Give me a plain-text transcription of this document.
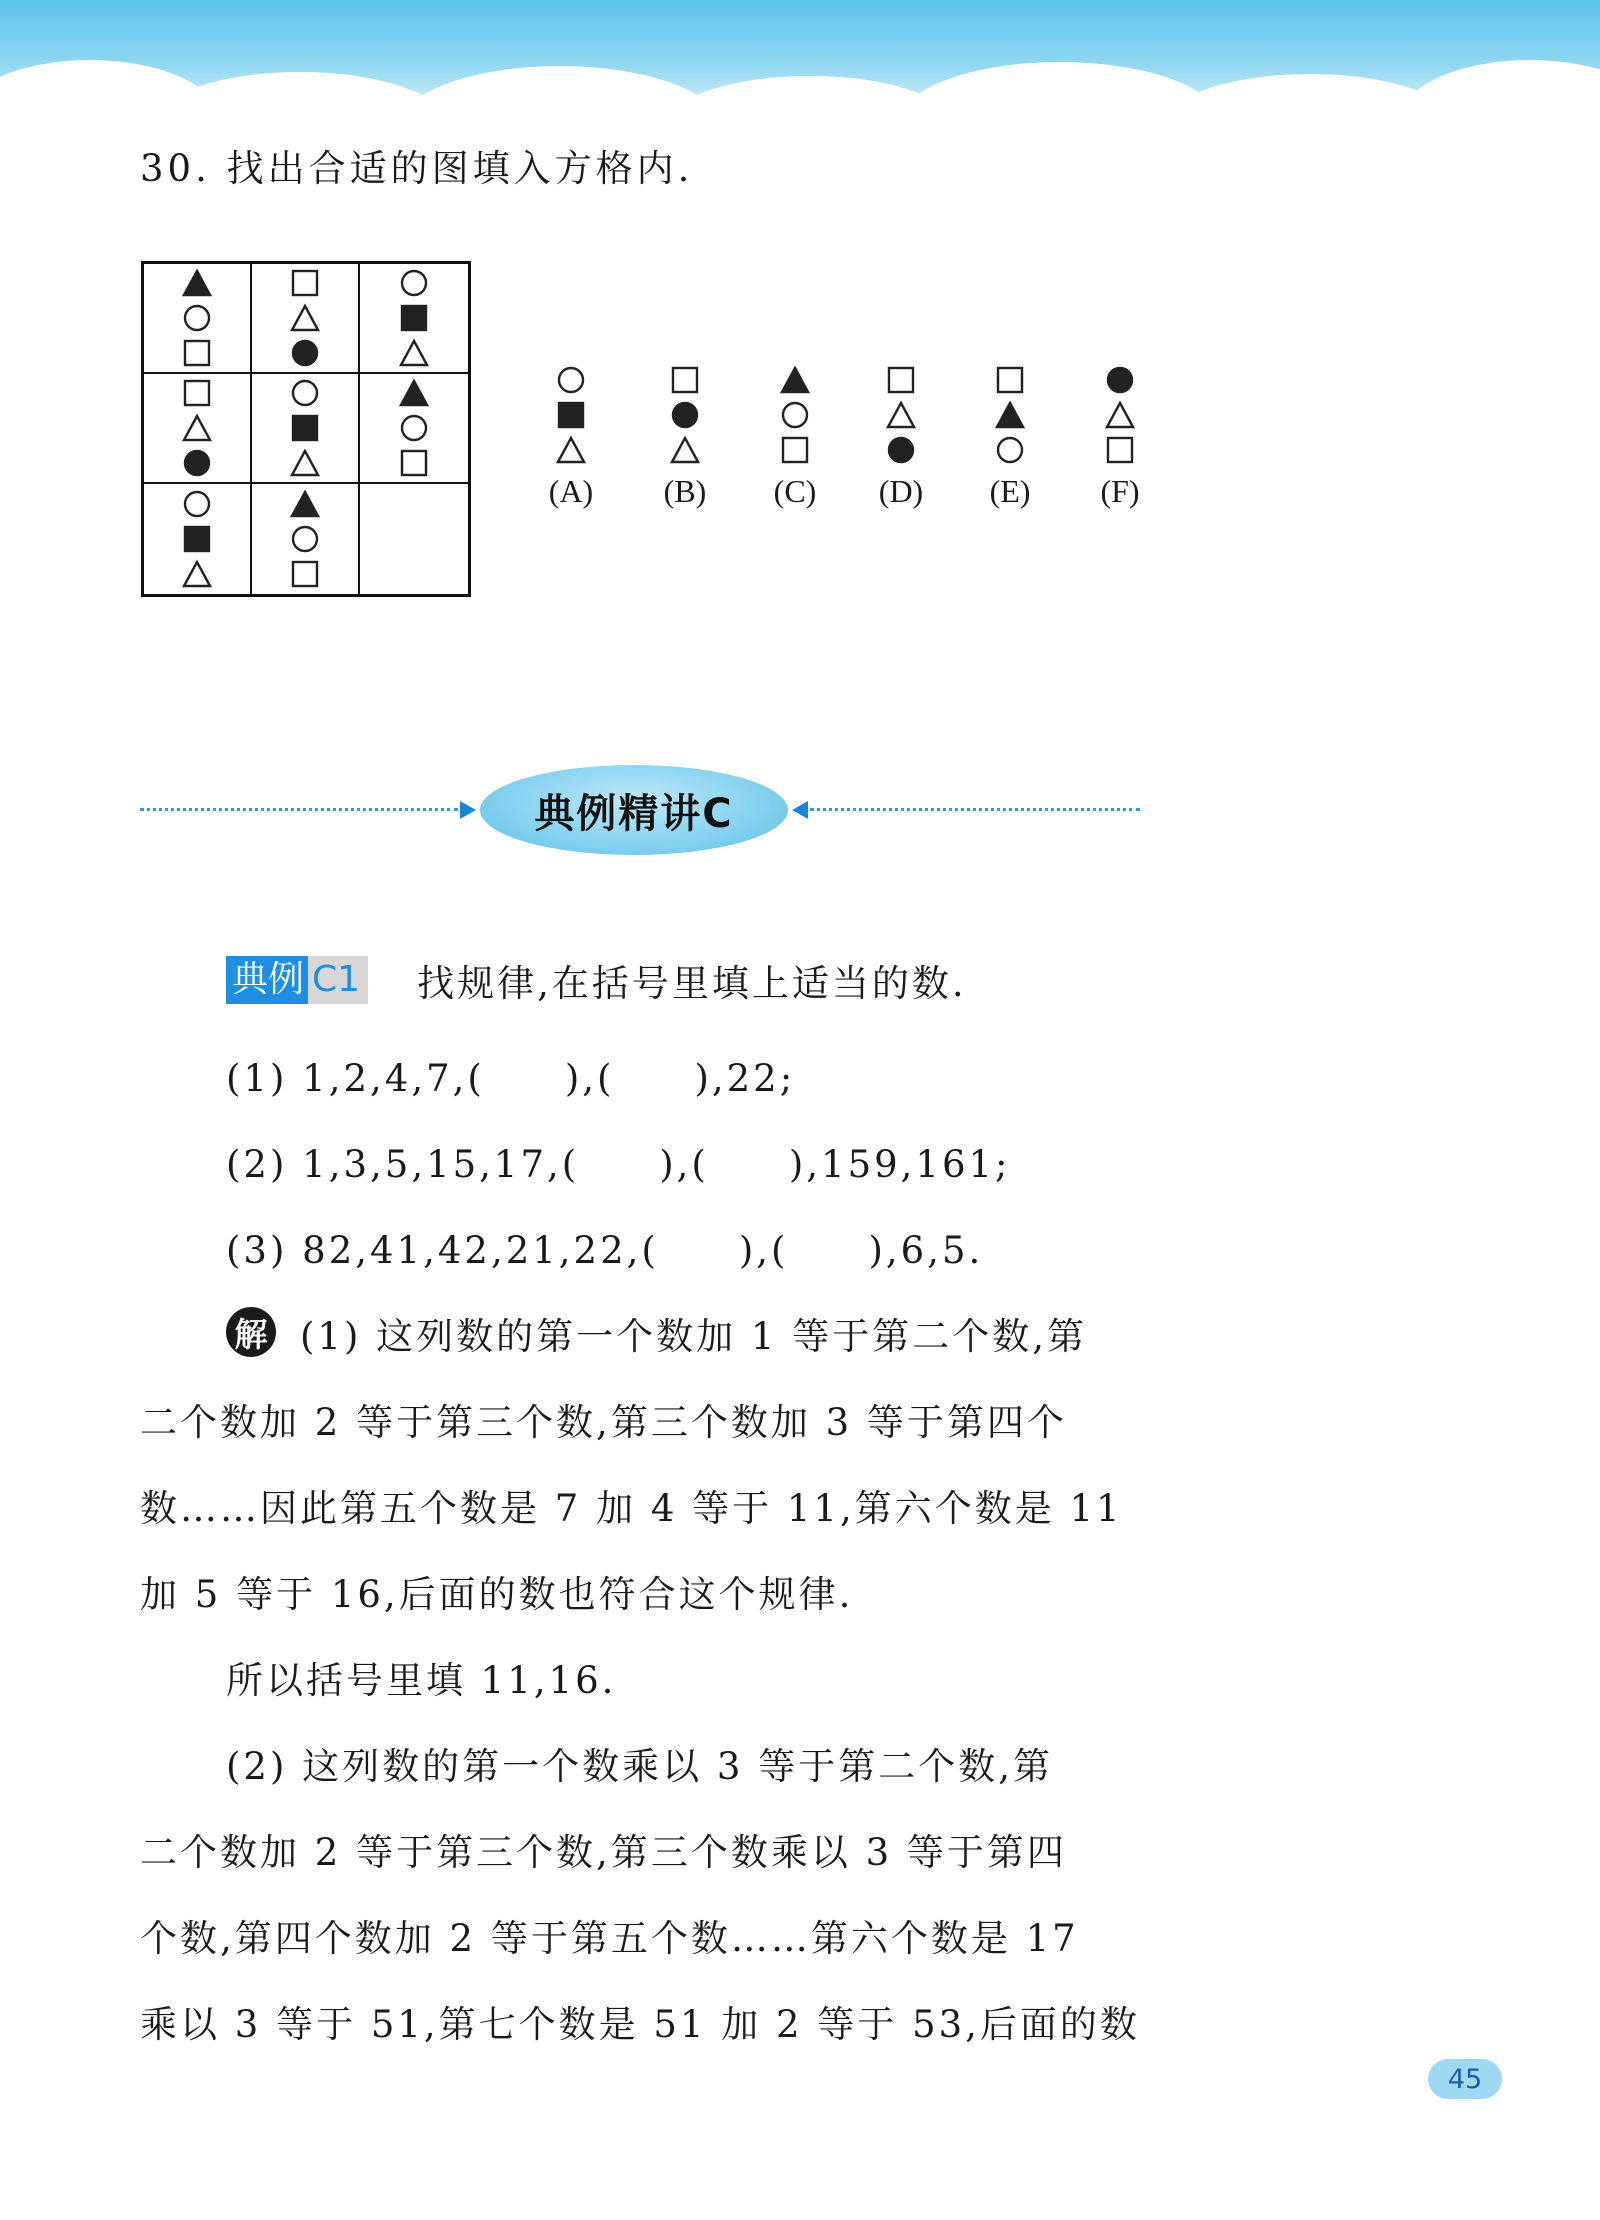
30. 找出合适的图填入方格内.
(A) (B) (C) (D) (E) (F)
典例精讲C
典例 C1 找规律,在括号里填上适当的数.
(1) 1,2,4,7,(　　),(　　),22;
(2) 1,3,5,15,17,(　　),(　　),159,161;
(3) 82,41,42,21,22,(　　),(　　),6,5.
解 (1) 这列数的第一个数加 1 等于第二个数,第
二个数加 2 等于第三个数,第三个数加 3 等于第四个
数……因此第五个数是 7 加 4 等于 11,第六个数是 11
加 5 等于 16,后面的数也符合这个规律.
所以括号里填 11,16.
(2) 这列数的第一个数乘以 3 等于第二个数,第
二个数加 2 等于第三个数,第三个数乘以 3 等于第四
个数,第四个数加 2 等于第五个数……第六个数是 17
乘以 3 等于 51,第七个数是 51 加 2 等于 53,后面的数
45
